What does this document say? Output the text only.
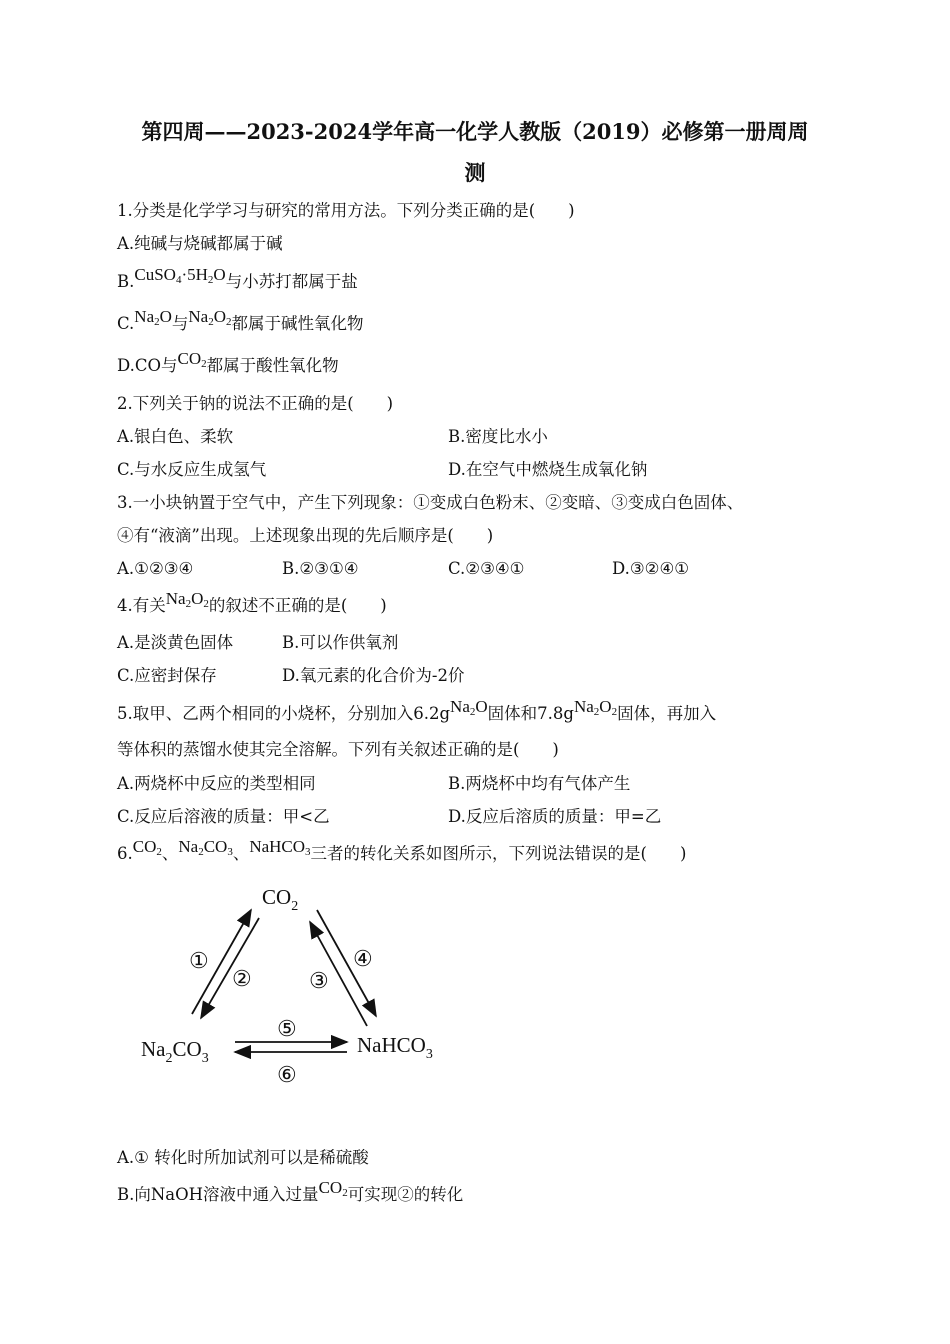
第四周——2023-2024学年高一化学人教版（2019）必修第一册周周
测
1.分类是化学学习与研究的常用方法。下列分类正确的是(　　)
A.纯碱与烧碱都属于碱
$B.CuSO_4\cdot 5H_2O$与小苏打都属于盐
$C.Na_2O$与$Na_2O_2$都属于碱性氧化物
D.CO与$CO_2$都属于酸性氧化物
2.下列关于钠的说法不正确的是(　　)
A.银白色、柔软	B.密度比水小
C.与水反应生成氢气	D.在空气中燃烧生成氧化钠
3.一小块钠置于空气中，产生下列现象：①变成白色粉末、②变暗、③变成白色固体、
④有“液滴”出现。上述现象出现的先后顺序是(　　)
A.①②③④	B.②③①④	C.②③④①	D.③②④①
4.有关$Na_2O_2$的叙述不正确的是(　　)
A.是淡黄色固体	B.可以作供氧剂
C.应密封保存	D.氧元素的化合价为-2价
5.取甲、乙两个相同的小烧杯，分别加入6.2gNa$_2$O固体和$7.8gNa_2O_2$固体，再加入
等体积的蒸馏水使其完全溶解。下列有关叙述正确的是(　　)
A.两烧杯中反应的类型相同	B.两烧杯中均有气体产生
C.反应后溶液的质量：甲<乙	D.反应后溶质的质量：甲=乙
$6.CO_2$、$Na_2CO_3$、NaHCO$_3$三者的转化关系如图所示，下列说法错误的是(　　)
$CO_2$
$Na_2CO_3$
NaHCO$_3$
①
②	③
④
⑤
⑥
A.① 转化时所加试剂可以是稀硫酸
B.向NaOH溶液中通入过量$CO_2$可实现②的转化
